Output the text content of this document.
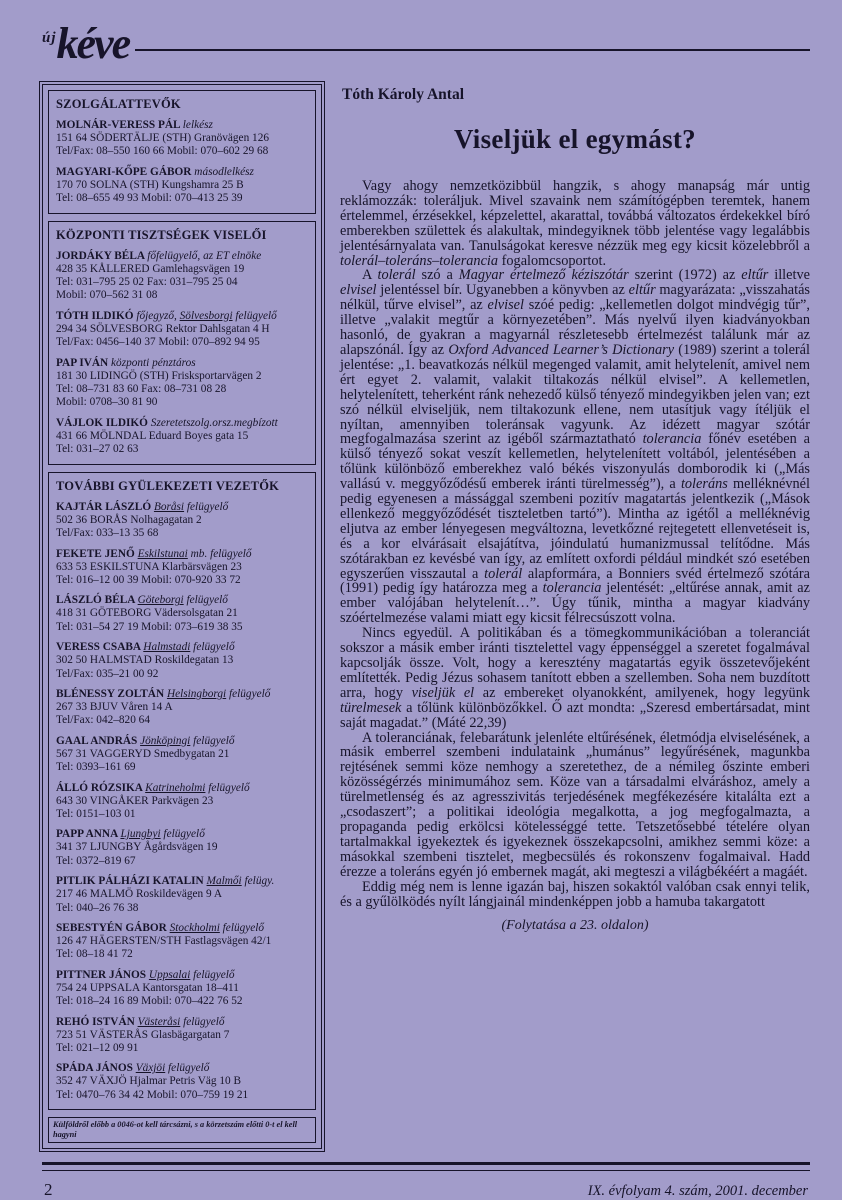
új kéve
SZOLGÁLATTEVŐK
MOLNÁR-VERESS PÁL lelkész
151 64 SÖDERTÄLJE (STH) Granövägen 126
Tel/Fax: 08–550 160 66 Mobil: 070–602 29 68
MAGYARI-KŐPE GÁBOR másodlelkész
170 70 SOLNA (STH) Kungshamra 25 B
Tel: 08–655 49 93 Mobil: 070–413 25 39
KÖZPONTI TISZTSÉGEK VISELŐI
JORDÁKY BÉLA főfelügyelő, az ET elnöke
428 35 KÅLLERED Gamlehagsvägen 19
Tel: 031–795 25 02 Fax: 031–795 25 04
Mobil: 070–562 31 08
TÓTH ILDIKÓ főjegyző, Sölvesborgi felügyelő
294 34 SÖLVESBORG Rektor Dahlsgatan 4 H
Tel/Fax: 0456–140 37 Mobil: 070–892 94 95
PAP IVÁN központi pénztáros
181 30 LIDINGÖ (STH) Frisksportarvägen 2
Tel: 08–731 83 60 Fax: 08–731 08 28
Mobil: 0708–30 81 90
VÁJLOK ILDIKÓ Szeretetszolg.orsz.megbízott
431 66 MÖLNDAL Eduard Boyes gata 15
Tel: 031–27 02 63
TOVÁBBI GYÜLEKEZETI VEZETŐK
KAJTÁR LÁSZLÓ Boråsi felügyelő
502 36 BORÅS Nolhagagatan 2
Tel/Fax: 033–13 35 68
FEKETE JENŐ Eskilstunai mb. felügyelő
633 53 ESKILSTUNA Klarbärsvägen 23
Tel: 016–12 00 39 Mobil: 070-920 33 72
LÁSZLÓ BÉLA Göteborgi felügyelő
418 31 GÖTEBORG Vädersolsgatan 21
Tel: 031–54 27 19 Mobil: 073–619 38 35
VERESS CSABA Halmstadi felügyelő
302 50 HALMSTAD Roskildegatan 13
Tel/Fax: 035–21 00 92
BLÉNESSY ZOLTÁN Helsingborgi felügyelő
267 33 BJUV Våren 14 A
Tel/Fax: 042–820 64
GAAL ANDRÁS Jönköpingi felügyelő
567 31 VAGGERYD Smedbygatan 21
Tel: 0393–161 69
ÁLLÓ RÓZSIKA Katrineholmi felügyelő
643 30 VINGÅKER Parkvägen 23
Tel: 0151–103 01
PAPP ANNA Ljungbyi felügyelő
341 37 LJUNGBY Ågårdsvägen 19
Tel: 0372–819 67
PITLIK PÁLHÁZI KATALIN Malmői felügy.
217 46 MALMÖ Roskildevägen 9 A
Tel: 040–26 76 38
SEBESTYÉN GÁBOR Stockholmi felügyelő
126 47 HÄGERSTEN/STH Fastlagsvägen 42/1
Tel: 08–18 41 72
PITTNER JÁNOS Uppsalai felügyelő
754 24 UPPSALA Kantorsgatan 18–411
Tel: 018–24 16 89 Mobil: 070–422 76 52
REHÓ ISTVÁN Västeråsi felügyelő
723 51 VÄSTERÅS Glasbägargatan 7
Tel: 021–12 09 91
SPÁDA JÁNOS Växjöi felügyelő
352 47 VÄXJÖ Hjalmar Petris Väg 10 B
Tel: 0470–76 34 42 Mobil: 070–759 19 21
Külföldről előbb a 0046-ot kell tárcsázni, s a körzetszám előtti 0-t el kell hagyni
Tóth Károly Antal
Viseljük el egymást?

Vagy ahogy nemzetközibbül hangzik, s ahogy manapság már untig reklámozzák: toleráljuk. Mivel szavaink nem számítógépben teremtek, hanem értelemmel, érzésekkel, képzelettel, akarattal, továbbá változatos érdekekkel bíró emberekben születtek és alakultak, mindegyiknek több jelentése vagy legalábbis jelentésárnyalata van. Tanulságokat keresve nézzük meg egy kicsit közelebbről a tolerál–toleráns–tolerancia fogalomcsoportot.

A tolerál szó a Magyar értelmező kéziszótár szerint (1972) az eltűr illetve elvisel jelentéssel bír. Ugyanebben a könyvben az eltűr magyarázata: „visszahatás nélkül, tűrve elvisel”, az elvisel szóé pedig: „kellemetlen dolgot mindvégig tűr”, illetve „valakit megtűr a környezetében”. Más nyelvű ilyen kiadványokban hasonló, de gyakran a magyarnál részletesebb értelmezést találunk már az alapszónál. Így az Oxford Advanced Learner’s Dictionary (1989) szerint a tolerál jelentése: „1. beavatkozás nélkül megenged valamit, amit helytelenít, amivel nem ért egyet 2. valamit, valakit tiltakozás nélkül elvisel”. A kellemetlen, helytelenített, teherként ránk nehezedő külső tényező mindegyikben jelen van; ezt szó nélkül elviseljük, nem tiltakozunk ellene, nem utasítjuk vagy ítéljük el nyíltan, amennyiben toleránsak vagyunk. Az idézett magyar szótár megfogalmazása szerint az igéből származtatható tolerancia főnév esetében a külső tényező sokat veszít kellemetlen, helytelenített voltából, jelentésében a tőlünk különböző emberekhez való békés viszonyulás domborodik ki („Más vallású v. meggyőződésű emberek iránti türelmesség”), a toleráns melléknévnél pedig egyenesen a mássággal szembeni pozitív magatartás jelentkezik („Mások ellenkező meggyőződését tiszteletben tartó”). Mintha az igétől a melléknévig eljutva az ember lényegesen megváltozna, levetkőzné rejtegetett ellenvetéseit is, és a kor elvárásait elsajátítva, jóindulatú humanizmussal telítődne. Más szótárakban ez kevésbé van így, az említett oxfordi például mindkét szó esetében egyszerűen visszautal a tolerál alapformára, a Bonniers svéd értelmező szótára (1991) pedig így határozza meg a tolerancia jelentését: „eltűrése annak, amit az ember valójában helytelenít…”. Úgy tűnik, mintha a magyar kiadvány szóértelmezése valami miatt egy kicsit félrecsúszott volna.

Nincs egyedül. A politikában és a tömegkommunikációban a toleranciát sokszor a másik ember iránti tisztelettel vagy éppenséggel a szeretet fogalmával kapcsolják össze. Volt, hogy a keresztény magatartás egyik összetevőjeként említették. Pedig Jézus sohasem tanított ebben a szellemben. Soha nem buzdított arra, hogy viseljük el az embereket olyanokként, amilyenek, hogy legyünk türelmesek a tőlünk különbözőkkel. Ő azt mondta: „Szeresd embertársadat, mint saját magadat.” (Máté 22,39)

A toleranciának, felebarátunk jelenléte eltűrésének, életmódja elviselésének, a másik emberrel szembeni indulataink „humánus” legyűrésének, magunkba rejtésének semmi köze nemhogy a szeretethez, de a némileg őszinte emberi közösségérzés minimumához sem. Köze van a társadalmi elváráshoz, amely a türelmetlenség és az agresszivitás terjedésének megfékezésére kitalálta ezt a „csodaszert”; a politikai ideológia megalkotta, a jog megfogalmazta, a propaganda pedig erkölcsi kötelességgé tette. Tetszetősebbé tételére olyan tartalmakkal igyekeztek és igyekeznek összekapcsolni, amikhez semmi köze: a másokkal szembeni tisztelet, megbecsülés és rokonszenv fogalmaival. Hadd érezze a toleráns egyén jó embernek magát, aki megteszi a világbékéért a magáét.

Eddig még nem is lenne igazán baj, hiszen sokaktól valóban csak ennyi telik, és a gyűlölködés nyílt lángjainál mindenképpen jobb a hamuba takargatott

(Folytatása a 23. oldalon)
2	IX. évfolyam 4. szám, 2001. december
